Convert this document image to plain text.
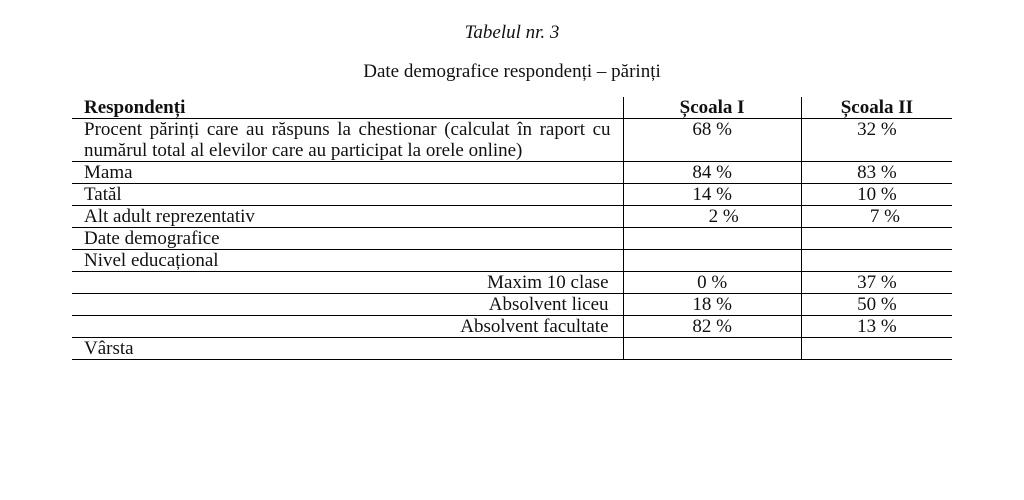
Tabelul nr. 3
Date demografice respondenți – părinți
Respondenți	Școala I	Școala II
Procent părinți care au răspuns la chestionar (calculat în raport cu numărul total al elevilor care au participat la orele online)	68 %	32 %
Mama	84 %	83 %
Tatăl	14 %	10 %
Alt adult reprezentativ	2 %	7 %
Date demografice		
Nivel educațional		
Maxim 10 clase	0 %	37 %
Absolvent liceu	18 %	50 %
Absolvent facultate	82 %	13 %
Vârsta		
